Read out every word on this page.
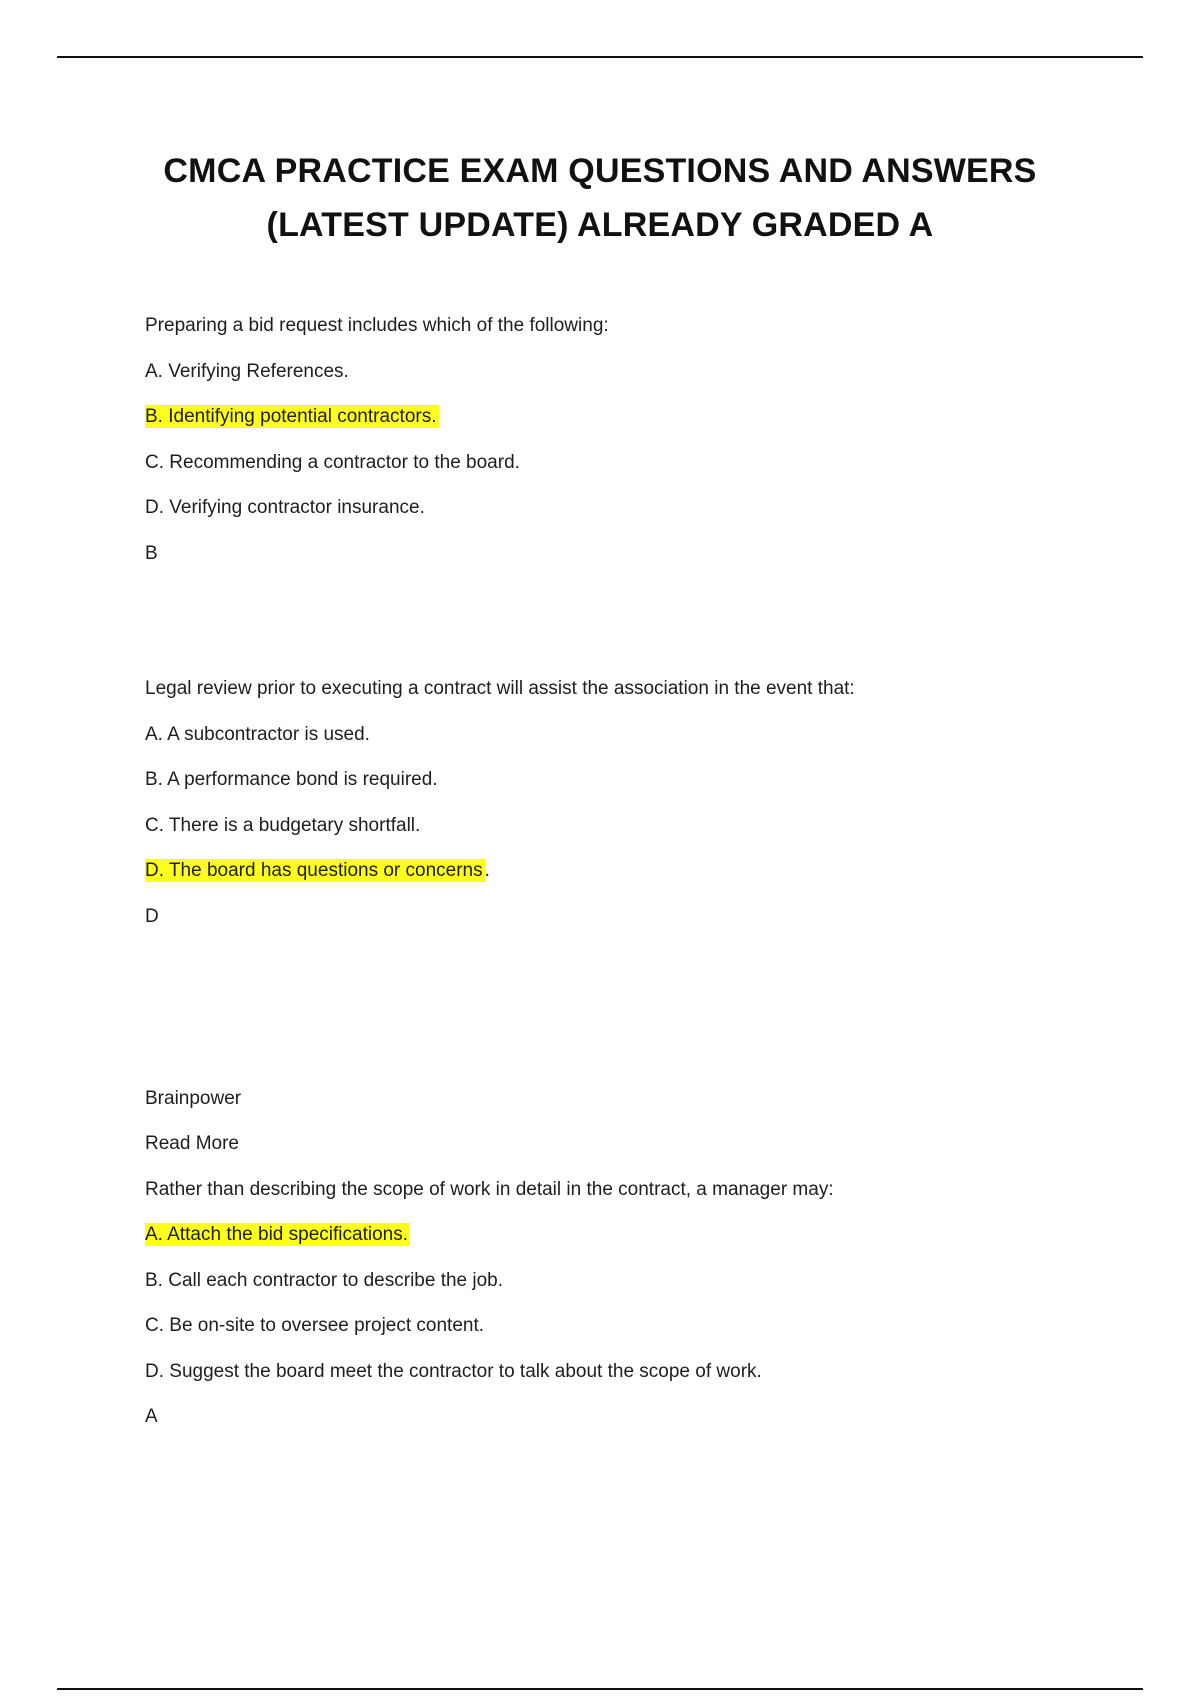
CMCA PRACTICE EXAM QUESTIONS AND ANSWERS
(LATEST UPDATE) ALREADY GRADED A

Preparing a bid request includes which of the following:

A. Verifying References.

B. Identifying potential contractors.

C. Recommending a contractor to the board.

D. Verifying contractor insurance.

B

Legal review prior to executing a contract will assist the association in the event that:

A. A subcontractor is used.

B. A performance bond is required.

C. There is a budgetary shortfall.

D. The board has questions or concerns .

D

Brainpower

Read More

Rather than describing the scope of work in detail in the contract, a manager may:

A. Attach the bid specifications.

B. Call each contractor to describe the job.

C. Be on-site to oversee project content.

D. Suggest the board meet the contractor to talk about the scope of work.

A
